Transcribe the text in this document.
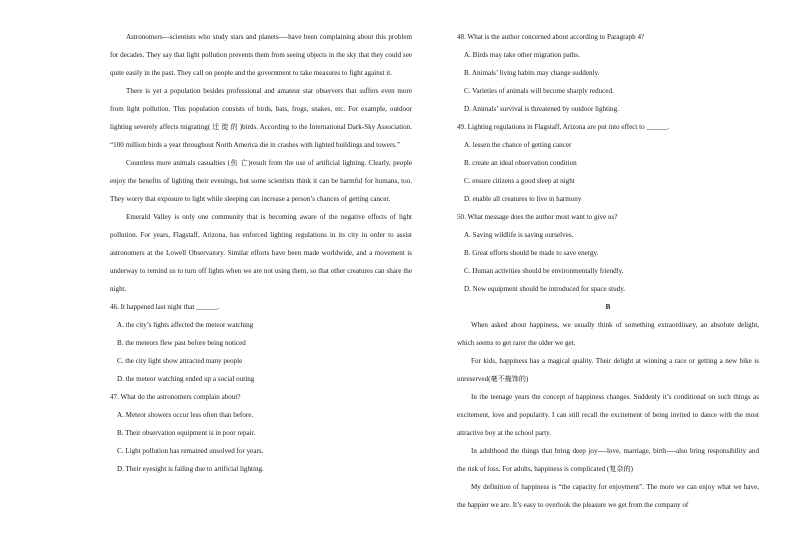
Astronomers---scientists who study stars and planets----have been complaining about this problem for decades. They say that light pollution prevents them from seeing objects in the sky that they could see quite easily in the past. They call on people and the government to take measures to fight against it.

There is yet a population besides professional and amateur star observers that suffers even more from light pollution. This population consists of birds, bats, frogs, snakes, etc. For example, outdoor lighting severely affects migrating( 迁 徙 的 )birds. According to the International Dark-Sky Association. “100 million birds a year throughout North America die in crashes with lighted buildings and towers.”

Countless more animals casualties (伤 亡)result from the use of artificial lighting. Clearly, people enjoy the benefits of lighting their evenings, but some scientists think it can be harmful for humans, too. They worry that exposure to light while sleeping can increase a person’s chances of getting cancer.

Emerald Valley is only one community that is becoming aware of the negative effects of light pollution. For years, Flagstaff, Arizona, has enforced lighting regulations in its city in order to assist astronomers at the Lowell Observatory. Similar efforts have been made worldwide, and a movement is underway to remind us to turn off lights when we are not using them, so that other creatures can share the night.

46. It happened last night that ______.

A. the city’s lights affected the meteor watching

B. the meteors flew past before being noticed

C. the city light show attracted many people

D. the meteor watching ended up a social outing

47. What do the astronomers complain about?

A. Meteor showers occur less often than before.

B. Their observation equipment is in poor repair.

C. Light pollution has remained unsolved for years.

D. Their eyesight is failing due to artificial lighting.

48. What is the author concerned about according to Paragraph 4?

A. Birds may take other migration paths.

B. Animals’ living habits may change suddenly.

C. Varieties of animals will become sharply reduced.

D. Animals’ survival is threatened by outdoor lighting.

49. Lighting regulations in Flagstaff, Arizona are put into effect to ______.

A. lessen the chance of getting cancer

B. create an ideal observation condition

C. ensure citizens a good sleep at night

D. enable all creatures to live in harmony

50. What message does the author most want to give us?

A. Saving wildlife is saving ourselves.

B. Great efforts should be made to save energy.

C. Human activities should be environmentally friendly.

D. New equipment should be introduced for space study.

B

When asked about happiness, we usually think of something extraordinary, an absolute delight, which seems to get rarer the older we get.

For kids, happiness has a magical quality. Their delight at winning a race or getting a new bike is unreserved(毫不掩饰的)

In the teenage years the concept of happiness changes. Suddenly it’s conditional on such things as excitement, love and popularity. I can still recall the excitement of being invited to dance with the most attractive boy at the school party.

In adulthood the things that bring deep joy----love, marriage, birth----also bring responsibility and the risk of loss. For adults, happiness is complicated (复杂的)

My definition of happiness is “the capacity for enjoyment”. The more we can enjoy what we have, the happier we are. It’s easy to overlook the pleasure we get from the company of
